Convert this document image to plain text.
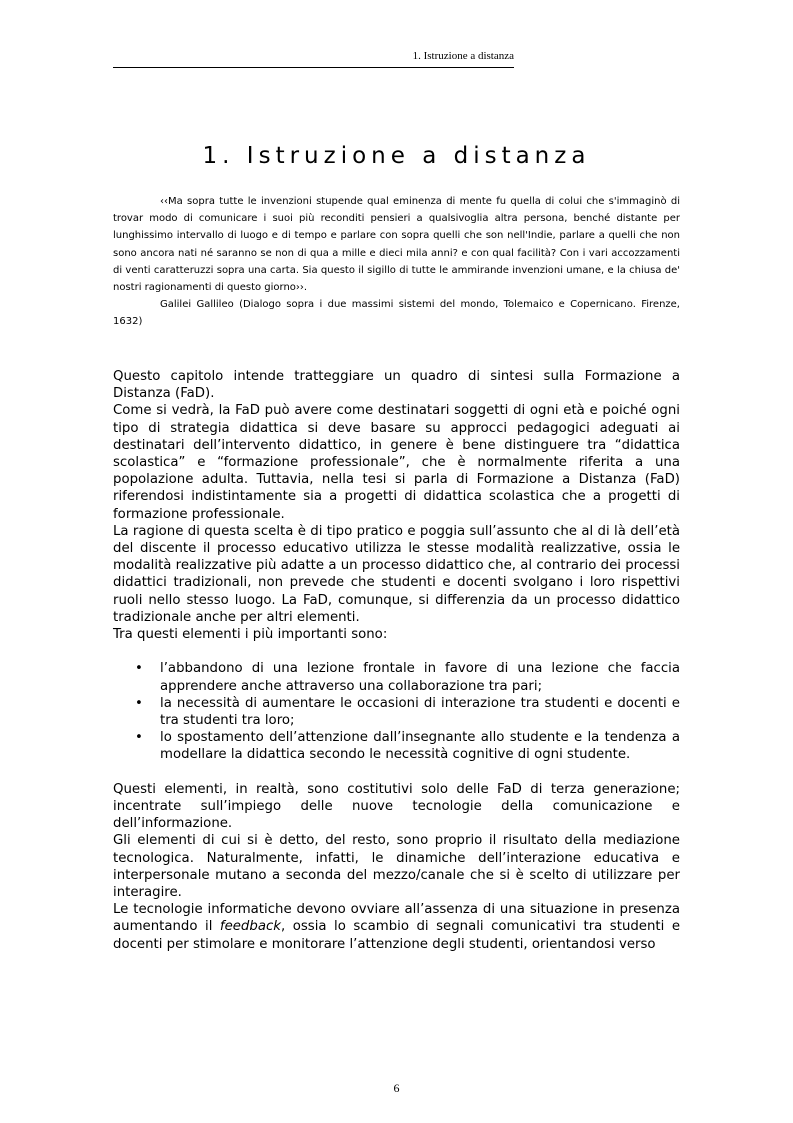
1. Istruzione a distanza
1. Istruzione a distanza

‹‹Ma sopra tutte le invenzioni stupende qual eminenza di mente fu quella di colui che s'immaginò di trovar modo di comunicare i suoi più reconditi pensieri a qualsivoglia altra persona, benché distante per lunghissimo intervallo di luogo e di tempo e parlare con sopra quelli che son nell'Indie, parlare a quelli che non sono ancora nati né saranno se non di qua a mille e dieci mila anni? e con qual facilità? Con i vari accozzamenti di venti caratteruzzi sopra una carta. Sia questo il sigillo di tutte le ammirande invenzioni umane, e la chiusa de' nostri ragionamenti di questo giorno››.

Galilei Gallileo (Dialogo sopra i due massimi sistemi del mondo, Tolemaico e Copernicano. Firenze, 1632)

Questo capitolo intende tratteggiare un quadro di sintesi sulla Formazione a Distanza (FaD).

Come si vedrà, la FaD può avere come destinatari soggetti di ogni età e poiché ogni tipo di strategia didattica si deve basare su approcci pedagogici adeguati ai destinatari dell’intervento didattico, in genere è bene distinguere tra “didattica scolastica” e “formazione professionale”, che è normalmente riferita a una popolazione adulta. Tuttavia, nella tesi si parla di Formazione a Distanza (FaD) riferendosi indistintamente sia a progetti di didattica scolastica che a progetti di formazione professionale.

La ragione di questa scelta è di tipo pratico e poggia sull’assunto che al di là dell’età del discente il processo educativo utilizza le stesse modalità realizzative, ossia le modalità realizzative più adatte a un processo didattico che, al contrario dei processi didattici tradizionali, non prevede che studenti e docenti svolgano i loro rispettivi ruoli nello stesso luogo. La FaD, comunque, si differenzia da un processo didattico tradizionale anche per altri elementi.

Tra questi elementi i più importanti sono:

• l’abbandono di una lezione frontale in favore di una lezione che faccia apprendere anche attraverso una collaborazione tra pari;
• la necessità di aumentare le occasioni di interazione tra studenti e docenti e tra studenti tra loro;
• lo spostamento dell’attenzione dall’insegnante allo studente e la tendenza a modellare la didattica secondo le necessità cognitive di ogni studente.

Questi elementi, in realtà, sono costitutivi solo delle FaD di terza generazione; incentrate sull’impiego delle nuove tecnologie della comunicazione e dell’informazione.

Gli elementi di cui si è detto, del resto, sono proprio il risultato della mediazione tecnologica. Naturalmente, infatti, le dinamiche dell’interazione educativa e interpersonale mutano a seconda del mezzo/canale che si è scelto di utilizzare per interagire.

Le tecnologie informatiche devono ovviare all’assenza di una situazione in presenza aumentando il feedback, ossia lo scambio di segnali comunicativi tra studenti e docenti per stimolare e monitorare l’attenzione degli studenti, orientandosi verso

6
